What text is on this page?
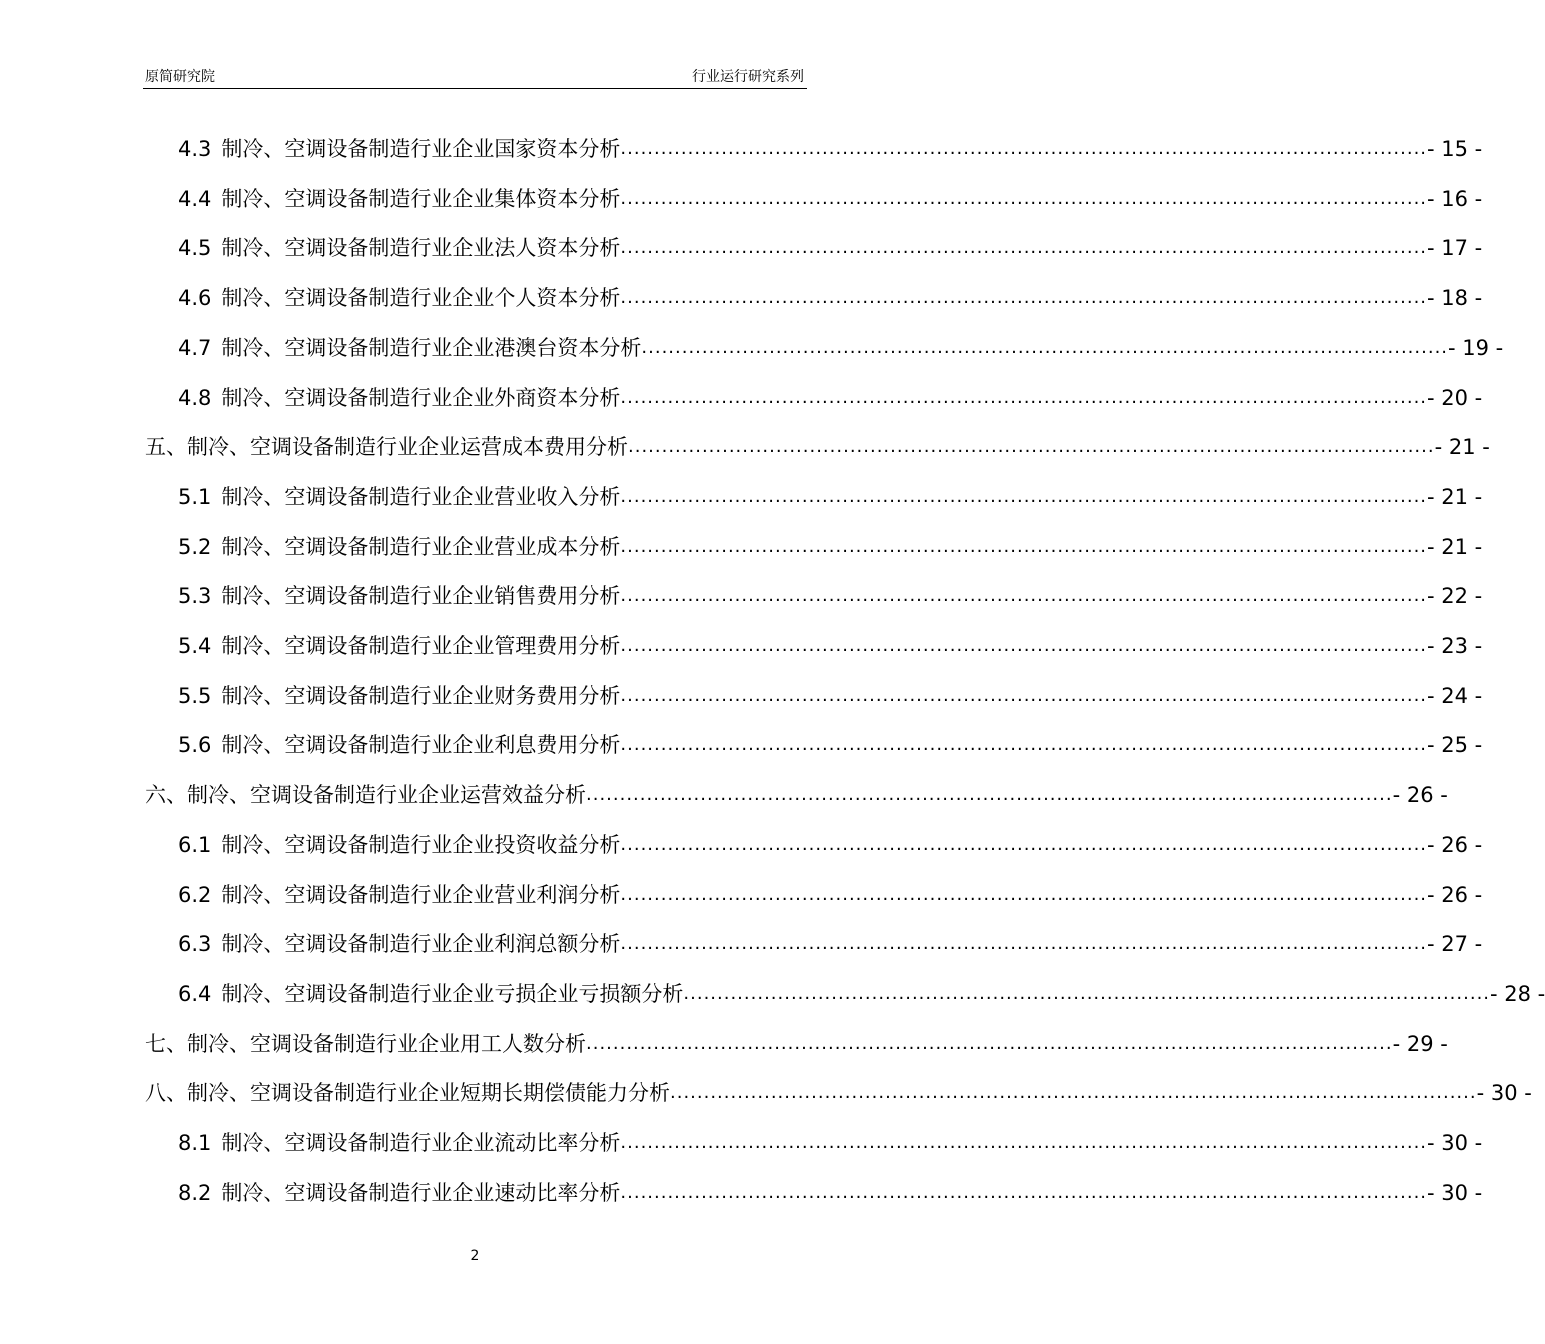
原简研究院	行业运行研究系列
4.3 制冷、空调设备制造行业企业国家资本分析 ........................................................................................................................ - 15 -
4.4 制冷、空调设备制造行业企业集体资本分析 ........................................................................................................................ - 16 -
4.5 制冷、空调设备制造行业企业法人资本分析 ........................................................................................................................ - 17 -
4.6 制冷、空调设备制造行业企业个人资本分析 ........................................................................................................................ - 18 -
4.7 制冷、空调设备制造行业企业港澳台资本分析 ........................................................................................................................ - 19 -
4.8 制冷、空调设备制造行业企业外商资本分析 ........................................................................................................................ - 20 -
五、制冷、空调设备制造行业企业运营成本费用分析 ........................................................................................................................ - 21 -
5.1 制冷、空调设备制造行业企业营业收入分析 ........................................................................................................................ - 21 -
5.2 制冷、空调设备制造行业企业营业成本分析 ........................................................................................................................ - 21 -
5.3 制冷、空调设备制造行业企业销售费用分析 ........................................................................................................................ - 22 -
5.4 制冷、空调设备制造行业企业管理费用分析 ........................................................................................................................ - 23 -
5.5 制冷、空调设备制造行业企业财务费用分析 ........................................................................................................................ - 24 -
5.6 制冷、空调设备制造行业企业利息费用分析 ........................................................................................................................ - 25 -
六、制冷、空调设备制造行业企业运营效益分析 ........................................................................................................................ - 26 -
6.1 制冷、空调设备制造行业企业投资收益分析 ........................................................................................................................ - 26 -
6.2 制冷、空调设备制造行业企业营业利润分析 ........................................................................................................................ - 26 -
6.3 制冷、空调设备制造行业企业利润总额分析 ........................................................................................................................ - 27 -
6.4 制冷、空调设备制造行业企业亏损企业亏损额分析 ........................................................................................................................ - 28 -
七、制冷、空调设备制造行业企业用工人数分析 ........................................................................................................................ - 29 -
八、制冷、空调设备制造行业企业短期长期偿债能力分析 ........................................................................................................................ - 30 -
8.1 制冷、空调设备制造行业企业流动比率分析 ........................................................................................................................ - 30 -
8.2 制冷、空调设备制造行业企业速动比率分析 ........................................................................................................................ - 30 -
2
